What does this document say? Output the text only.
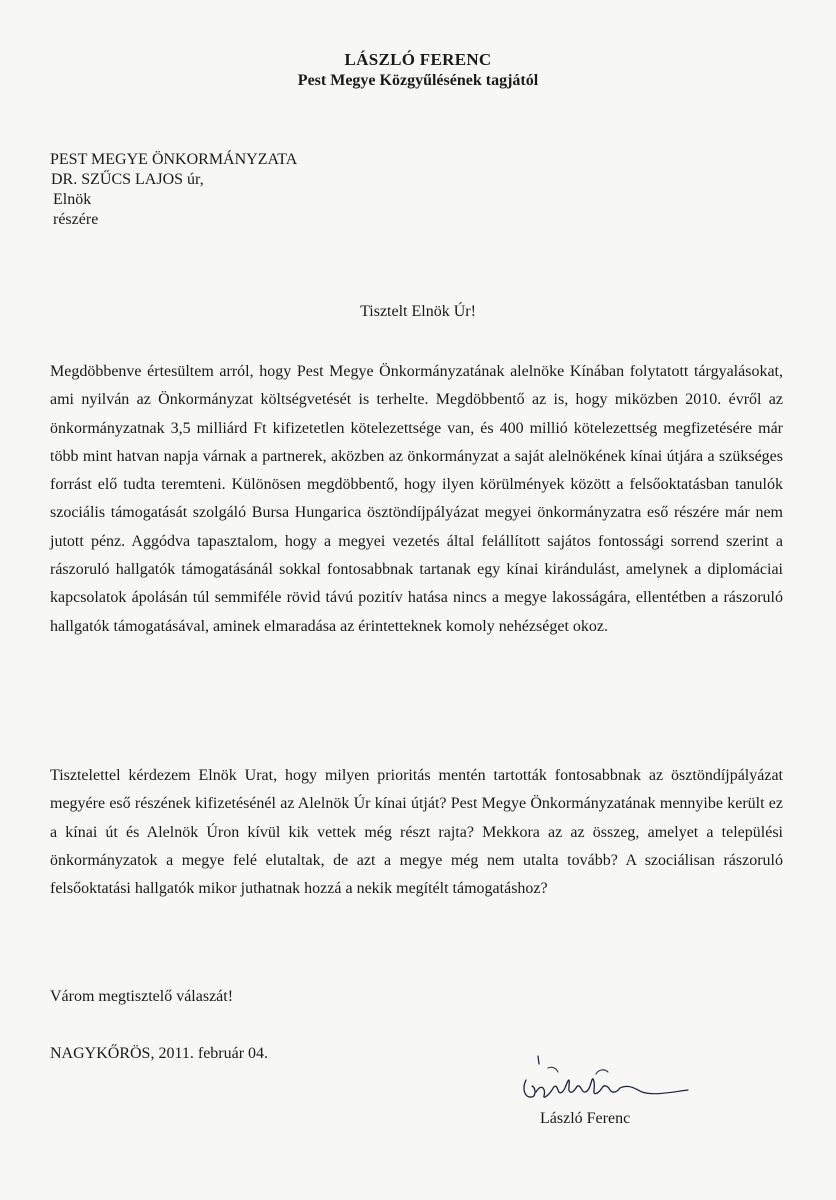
LÁSZLÓ FERENC
Pest Megye Közgyűlésének tagjától
PEST MEGYE ÖNKORMÁNYZATA
DR. SZŰCS LAJOS úr,
Elnök
részére
Tisztelt Elnök Úr!
Megdöbbenve értesültem arról, hogy Pest Megye Önkormányzatának alelnöke Kínában folytatott tárgyalásokat, ami nyilván az Önkormányzat költségvetését is terhelte. Megdöbbentő az is, hogy miközben 2010. évről az önkormányzatnak 3,5 milliárd Ft kifizetetlen kötelezettsége van, és 400 millió kötelezettség megfizetésére már több mint hatvan napja várnak a partnerek, aközben az önkormányzat a saját alelnökének kínai útjára a szükséges forrást elő tudta teremteni. Különösen megdöbbentő, hogy ilyen körülmények között a felsőoktatásban tanulók szociális támogatását szolgáló Bursa Hungarica ösztöndíjpályázat megyei önkormányzatra eső részére már nem jutott pénz. Aggódva tapasztalom, hogy a megyei vezetés által felállított sajátos fontossági sorrend szerint a rászoruló hallgatók támogatásánál sokkal fontosabbnak tartanak egy kínai kirándulást, amelynek a diplomáciai kapcsolatok ápolásán túl semmiféle rövid távú pozitív hatása nincs a megye lakosságára, ellentétben a rászoruló hallgatók támogatásával, aminek elmaradása az érintetteknek komoly nehézséget okoz.
Tisztelettel kérdezem Elnök Urat, hogy milyen prioritás mentén tartották fontosabbnak az ösztöndíjpályázat megyére eső részének kifizetésénél az Alelnök Úr kínai útját? Pest Megye Önkormányzatának mennyibe került ez a kínai út és Alelnök Úron kívül kik vettek még részt rajta? Mekkora az az összeg, amelyet a települési önkormányzatok a megye felé elutaltak, de azt a megye még nem utalta tovább? A szociálisan rászoruló felsőoktatási hallgatók mikor juthatnak hozzá a nekik megítélt támogatáshoz?
Várom megtisztelő válaszát!
NAGYKŐRÖS, 2011. február 04.
László Ferenc
